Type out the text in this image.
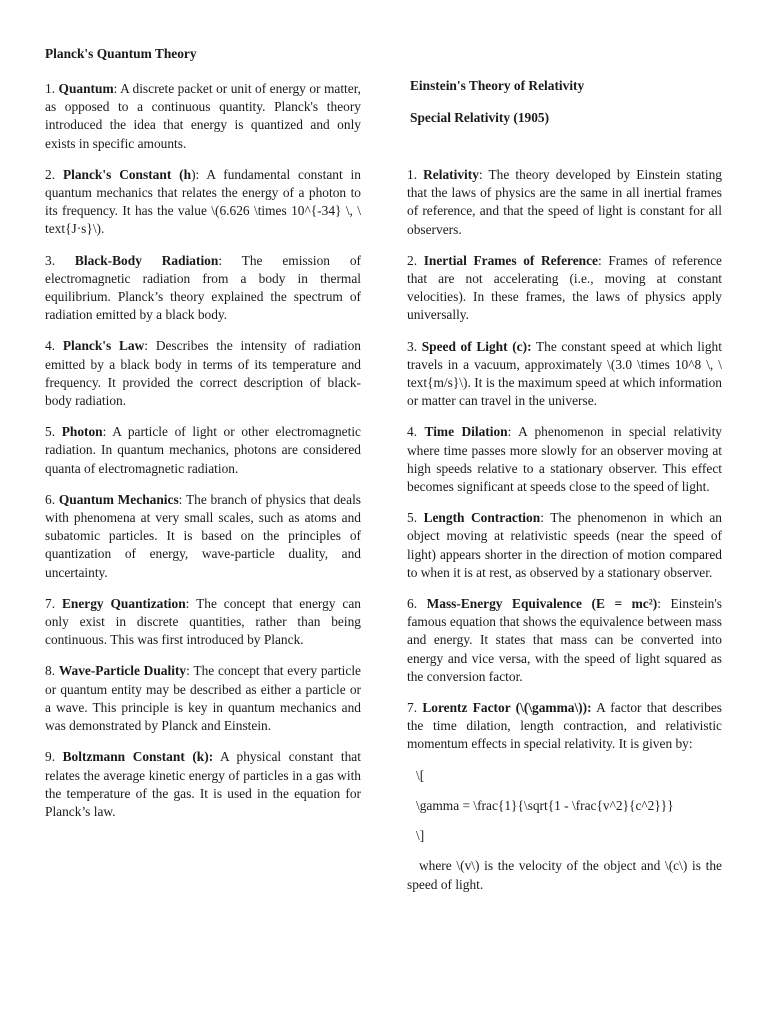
Planck's Quantum Theory

1. Quantum: A discrete packet or unit of energy or matter, as opposed to a continuous quantity. Planck's theory introduced the idea that energy is quantized and only exists in specific amounts.

2. Planck's Constant (h): A fundamental constant in quantum mechanics that relates the energy of a photon to its frequency. It has the value \(6.626 \times 10^{-34} \, \ text{J·s}\).

3. Black-Body Radiation: The emission of electromagnetic radiation from a body in thermal equilibrium. Planck’s theory explained the spectrum of radiation emitted by a black body.

4. Planck's Law: Describes the intensity of radiation emitted by a black body in terms of its temperature and frequency. It provided the correct description of black-body radiation.

5. Photon: A particle of light or other electromagnetic radiation. In quantum mechanics, photons are considered quanta of electromagnetic radiation.

6. Quantum Mechanics: The branch of physics that deals with phenomena at very small scales, such as atoms and subatomic particles. It is based on the principles of quantization of energy, wave-particle duality, and uncertainty.

7. Energy Quantization: The concept that energy can only exist in discrete quantities, rather than being continuous. This was first introduced by Planck.

8. Wave-Particle Duality: The concept that every particle or quantum entity may be described as either a particle or a wave. This principle is key in quantum mechanics and was demonstrated by Planck and Einstein.

9. Boltzmann Constant (k): A physical constant that relates the average kinetic energy of particles in a gas with the temperature of the gas. It is used in the equation for Planck’s law.

Einstein's Theory of Relativity

Special Relativity (1905)

1. Relativity: The theory developed by Einstein stating that the laws of physics are the same in all inertial frames of reference, and that the speed of light is constant for all observers.

2. Inertial Frames of Reference: Frames of reference that are not accelerating (i.e., moving at constant velocities). In these frames, the laws of physics apply universally.

3. Speed of Light (c): The constant speed at which light travels in a vacuum, approximately \(3.0 \times 10^8 \, \ text{m/s}\). It is the maximum speed at which information or matter can travel in the universe.

4. Time Dilation: A phenomenon in special relativity where time passes more slowly for an observer moving at high speeds relative to a stationary observer. This effect becomes significant at speeds close to the speed of light.

5. Length Contraction: The phenomenon in which an object moving at relativistic speeds (near the speed of light) appears shorter in the direction of motion compared to when it is at rest, as observed by a stationary observer.

6. Mass-Energy Equivalence (E = mc²): Einstein's famous equation that shows the equivalence between mass and energy. It states that mass can be converted into energy and vice versa, with the speed of light squared as the conversion factor.

7. Lorentz Factor (\(\gamma\)): A factor that describes the time dilation, length contraction, and relativistic momentum effects in special relativity. It is given by:

\[

\gamma = \frac{1}{\sqrt{1 - \frac{v^2}{c^2}}}

\]

where \(v\) is the velocity of the object and \(c\) is the speed of light.
